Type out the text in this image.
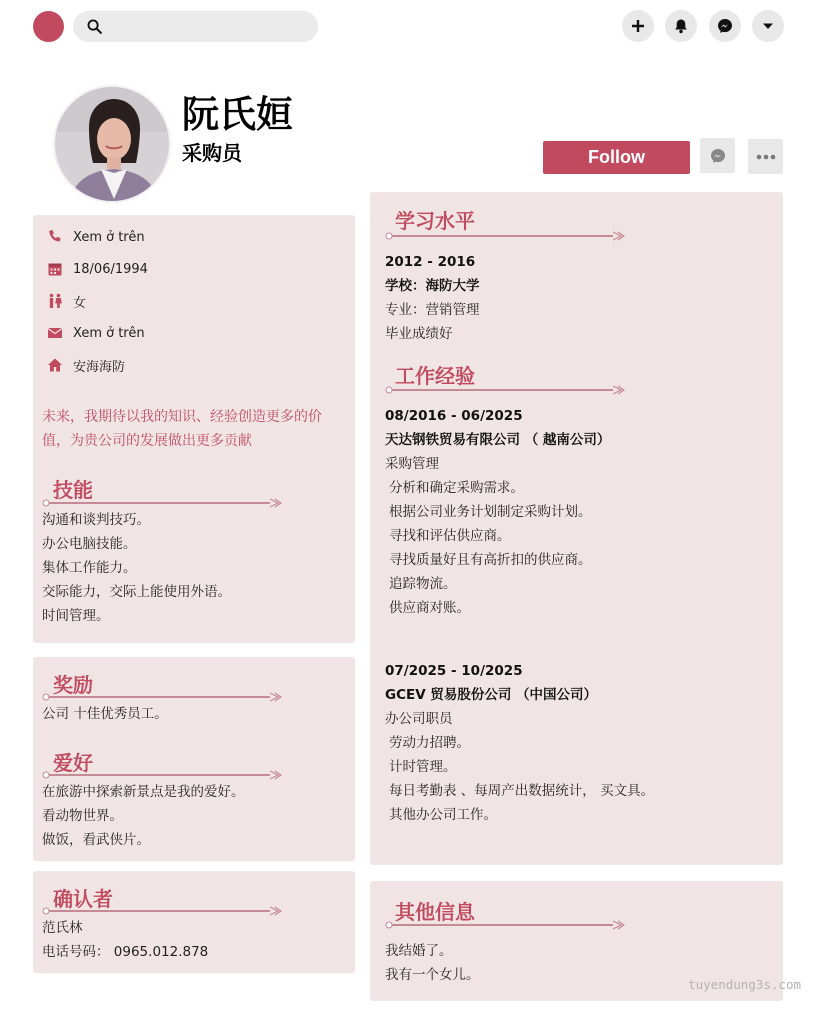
阮氏姮
采购员	Follow
Xem ở trên
18/06/1994
女
Xem ở trên
安海海防
未来，我期待以我的知识、经验创造更多的价值，为贵公司的发展做出更多贡献
技能
沟通和谈判技巧。
办公电脑技能。
集体工作能力。
交际能力，交际上能使用外语。
时间管理。
奖励
公司 十佳优秀员工。
爱好
在旅游中探索新景点是我的爱好。
看动物世界。
做饭，看武侠片。
确认者
范氏林
电话号码： 0965.012.878
学习水平
2012 - 2016
学校：海防大学
专业：营销管理
毕业成绩好
工作经验
08/2016 - 06/2025
天达钢铁贸易有限公司 （ 越南公司）
采购管理
分析和确定采购需求。
根据公司业务计划制定采购计划。
寻找和评估供应商。
寻找质量好且有高折扣的供应商。
追踪物流。
供应商对账。
07/2025 - 10/2025
GCEV 贸易股份公司 （中国公司）
办公司职员
劳动力招聘。
计时管理。
每日考勤表 、每周产出数据统计， 买文具。
其他办公司工作。
其他信息
我结婚了。
我有一个女儿。
tuyendung3s.com
